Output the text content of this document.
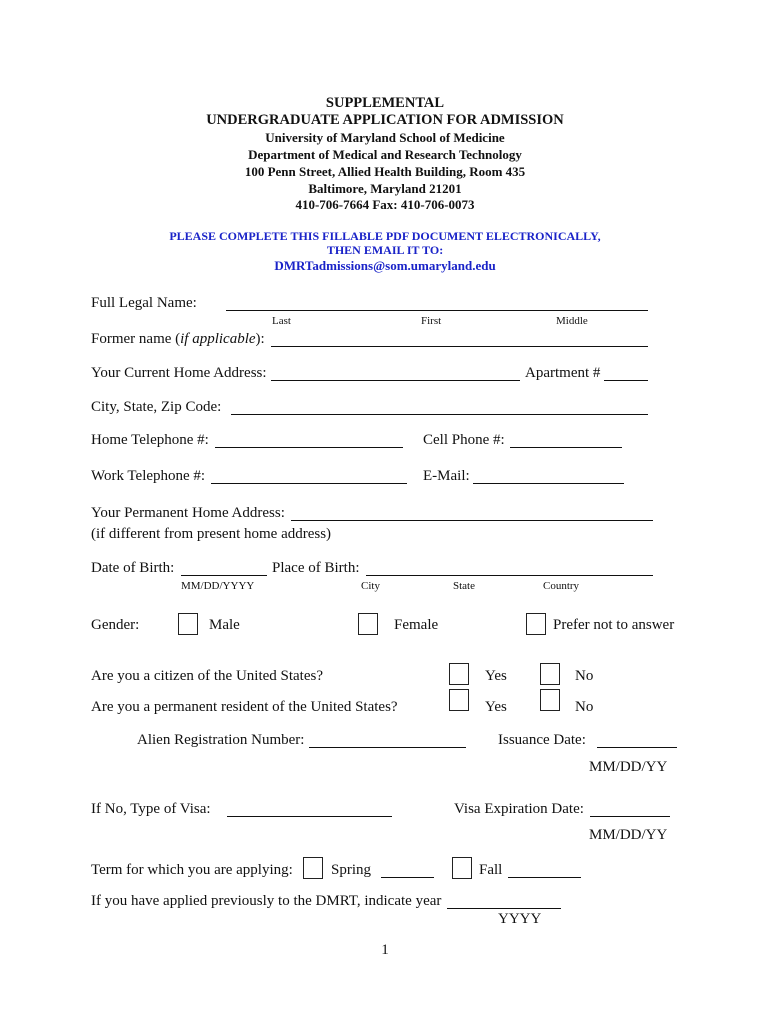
SUPPLEMENTAL
UNDERGRADUATE APPLICATION FOR ADMISSION
University of Maryland School of Medicine
Department of Medical and Research Technology
100 Penn Street, Allied Health Building, Room 435
Baltimore, Maryland 21201
410-706-7664 Fax: 410-706-0073
PLEASE COMPLETE THIS FILLABLE PDF DOCUMENT ELECTRONICALLY,
THEN EMAIL IT TO:
DMRTadmissions@som.umaryland.edu
Full Legal Name:
Last	First	Middle
Former name (if applicable):
Your Current Home Address:	Apartment #
City, State, Zip Code:
Home Telephone #:	Cell Phone #:
Work Telephone #:	E-Mail:
Your Permanent Home Address:
(if different from present home address)
Date of Birth:
MM/DD/YYYY
Place of Birth:
City	State	Country
Gender:	Male	Female	Prefer not to answer
Are you a citizen of the United States?	Yes	No
Are you a permanent resident of the United States?	Yes	No
Alien Registration Number:	Issuance Date:
MM/DD/YY
If No, Type of Visa:	Visa Expiration Date:
MM/DD/YY
Term for which you are applying:	Spring	Fall
If you have applied previously to the DMRT, indicate year
YYYY
1
